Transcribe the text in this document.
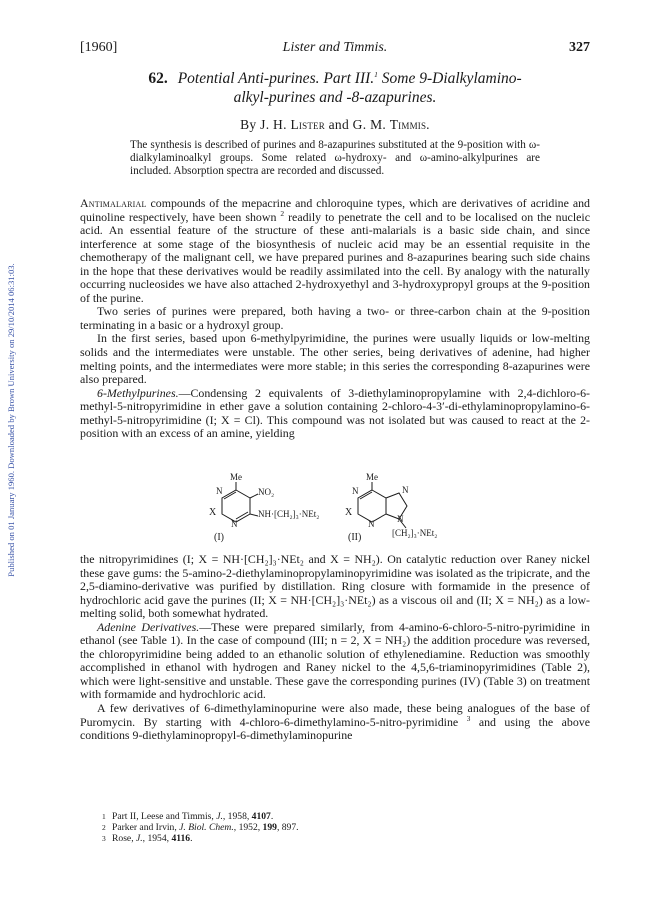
[1960]	Lister and Timmis.	327
Published on 01 January 1960. Downloaded by Brown University on 29/10/2014 06:31:03.
62. Potential Anti-purines. Part III.$^1$ Some 9-Dialkylamino-
alkyl-purines and -8-azapurines.
By J. H. Lister and G. M. Timmis.
The synthesis is described of purines and 8-azapurines substituted at the 9-position with ω-dialkylaminoalkyl groups. Some related ω-hydroxy- and ω-amino-alkylpurines are included. Absorption spectra are recorded and discussed.

Antimalarial compounds of the mepacrine and chloroquine types, which are derivatives of acridine and quinoline respectively, have been shown $^2$ readily to penetrate the cell and to be localised on the nucleic acid. An essential feature of the structure of these anti-malarials is a basic side chain, and since interference at some stage of the biosynthesis of nucleic acid may be an essential requisite in the chemotherapy of the malignant cell, we have prepared purines and 8-azapurines bearing such side chains in the hope that these derivatives would be readily assimilated into the cell. By analogy with the naturally occurring nucleosides we have also attached 2-hydroxyethyl and 3-hydroxypropyl groups at the 9-position of the purine.

Two series of purines were prepared, both having a two- or three-carbon chain at the 9-position terminating in a basic or a hydroxyl group.

In the first series, based upon 6-methylpyrimidine, the purines were usually liquids or low-melting solids and the intermediates were unstable. The other series, being derivatives of adenine, had higher melting points, and the intermediates were more stable; in this series the corresponding 8-azapurines were also prepared.

6-Methylpurines.—Condensing 2 equivalents of 3-diethylaminopropylamine with 2,4-dichloro-6-methyl-5-nitropyrimidine in ether gave a solution containing 2-chloro-4-3′-di-ethylaminopropylamino-6-methyl-5-nitropyrimidine (I; X = Cl). This compound was not isolated but was caused to react at the 2-position with an excess of an amine, yielding

Me
N
N
X
NO₂
NH·[CH₂]₃·NEt₂
(I)
Me
N
N
N
N
X
[CH₂]₃·NEt₂
(II)

the nitropyrimidines (I; X = NH·[CH₂]₃·NEt₂ and X = NH₂). On catalytic reduction over Raney nickel these gave gums: the 5-amino-2-diethylaminopropylaminopyrimidine was isolated as the tripicrate, and the 2,5-diamino-derivative was purified by distillation. Ring closure with formamide in the presence of hydrochloric acid gave the purines (II; X = NH·[CH₂]₃·NEt₂) as a viscous oil and (II; X = NH₂) as a low-melting solid, both somewhat hydrated.

Adenine Derivatives.—These were prepared similarly, from 4-amino-6-chloro-5-nitro-pyrimidine in ethanol (see Table 1). In the case of compound (III; n = 2, X = NH₂) the addition procedure was reversed, the chloropyrimidine being added to an ethanolic solution of ethylenediamine. Reduction was smoothly accomplished in ethanol with hydrogen and Raney nickel to the 4,5,6-triaminopyrimidines (Table 2), which were light-sensitive and unstable. These gave the corresponding purines (IV) (Table 3) on treatment with formamide and hydrochloric acid.

A few derivatives of 6-dimethylaminopurine were also made, these being analogues of the base of Puromycin. By starting with 4-chloro-6-dimethylamino-5-nitro-pyrimidine $^3$ and using the above conditions 9-diethylaminopropyl-6-dimethylaminopurine

1 Part II, Leese and Timmis, J., 1958, 4107.
2 Parker and Irvin, J. Biol. Chem., 1952, 199, 897.
3 Rose, J., 1954, 4116.
